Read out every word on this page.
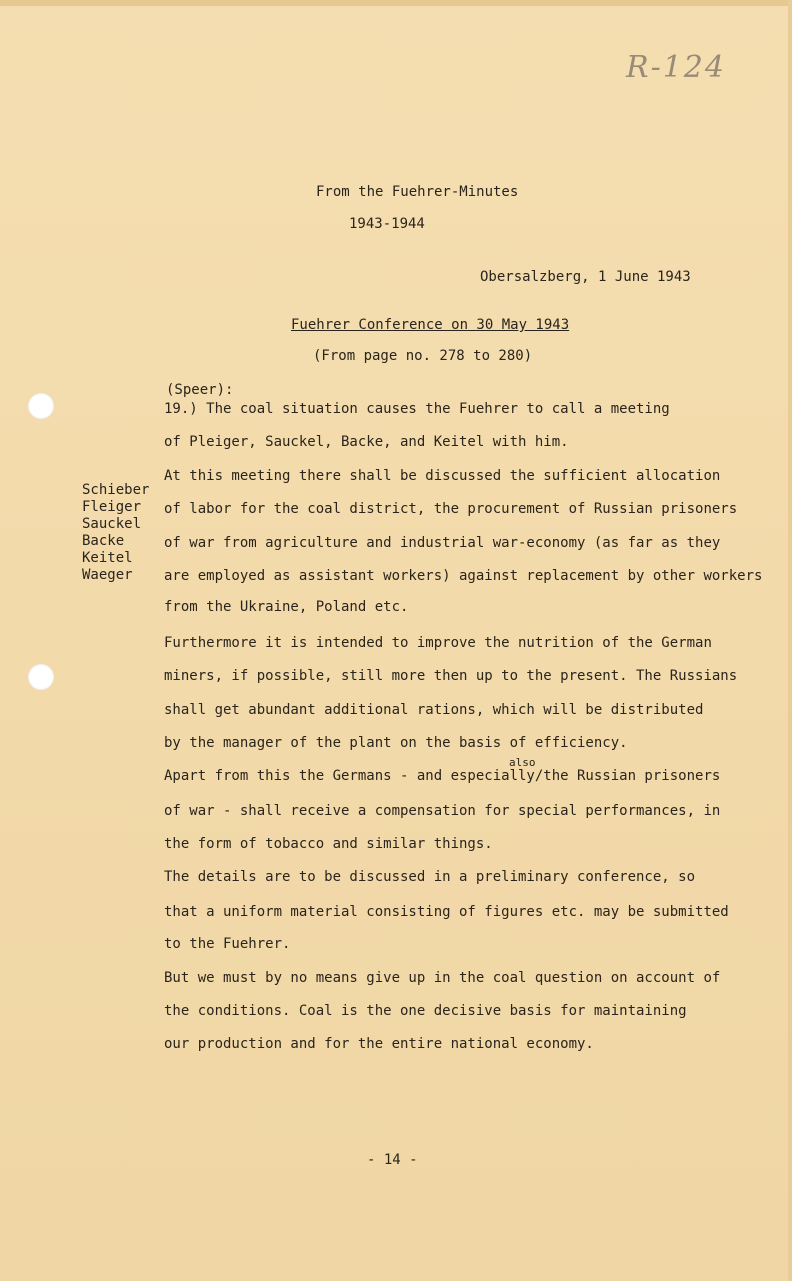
R-124
From the Fuehrer-Minutes
1943-1944
Obersalzberg, 1 June 1943
Fuehrer Conference on 30 May 1943
(From page no. 278 to 280)
(Speer):
Schieber
Fleiger
Sauckel
Backe
Keitel
Waeger
19.) The coal situation causes the Fuehrer to call a meeting
of Pleiger, Sauckel, Backe, and Keitel with him.
At this meeting there shall be discussed the sufficient allocation
of labor for the coal district, the procurement of Russian prisoners
of war from agriculture and industrial war-economy (as far as they
are employed as assistant workers) against replacement by other workers
from the Ukraine, Poland etc.
Furthermore it is intended to improve the nutrition of the German
miners, if possible, still more then up to the present. The Russians
shall get abundant additional rations, which will be distributed
by the manager of the plant on the basis of efficiency.
also
Apart from this the Germans - and especially/the Russian prisoners
of war - shall receive a compensation for special performances, in
the form of tobacco and similar things.
The details are to be discussed in a preliminary conference, so
that a uniform material consisting of figures etc. may be submitted
to the Fuehrer.
But we must by no means give up in the coal question on account of
the conditions. Coal is the one decisive basis for maintaining
our production and for the entire national economy.
- 14 -
